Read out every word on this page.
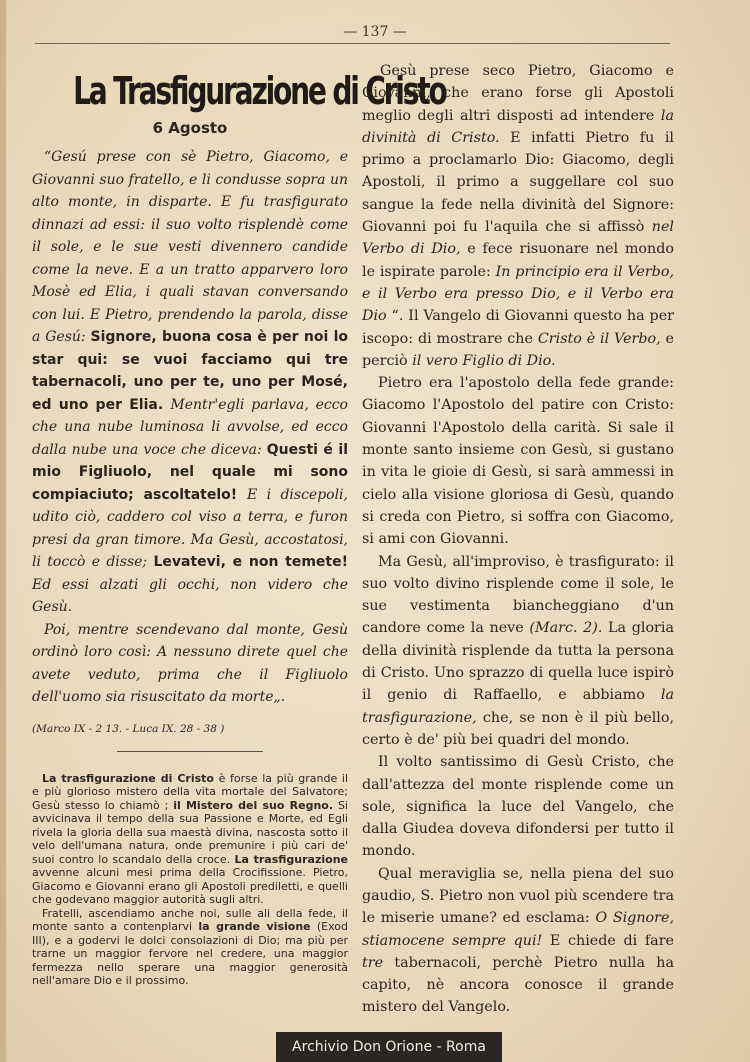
— 137 —
La Trasfigurazione di Cristo
6 Agosto

“Gesú prese con sè Pietro, Giacomo, e Giovanni suo fratello, e li condusse sopra un alto monte, in disparte. E fu trasfigurato dinnazi ad essi: il suo volto risplendè come il sole, e le sue vesti divennero candide come la neve. E a un tratto apparvero loro Mosè ed Elia, i quali stavan conversando con lui. E Pietro, prendendo la parola, disse a Gesú: Signore, buona cosa è per noi lo star qui: se vuoi facciamo qui tre tabernacoli, uno per te, uno per Mosé, ed uno per Elia. Mentr'egli parlava, ecco che una nube luminosa li avvolse, ed ecco dalla nube una voce che diceva: Questi é il mio Figliuolo, nel quale mi sono compiaciuto; ascoltatelo! E i discepoli, udito ciò, caddero col viso a terra, e furon presi da gran timore. Ma Gesù, accostatosi, li toccò e disse; Levatevi, e non temete! Ed essi alzati gli occhi, non videro che Gesù.

Poi, mentre scendevano dal monte, Gesù ordinò loro così: A nessuno direte quel che avete veduto, prima che il Figliuolo dell'uomo sia risuscitato da morte„.

(Marco IX - 2 13. - Luca IX. 28 - 38 )

La trasfigurazione di Cristo è forse la più grande il e più glorioso mistero della vita mortale del Salvatore; Gesù stesso lo chiamò ; il Mistero del suo Regno. Si avvicinava il tempo della sua Passione e Morte, ed Egli rivela la gloria della sua maestà divina, nascosta sotto il velo dell'umana natura, onde premunire i più cari de' suoi contro lo scandalo della croce. La trasfigurazione avvenne alcuni mesi prima della Crocifissione. Pietro, Giacomo e Giovanni erano gli Apostoli prediletti, e quelli che godevano maggior autorità sugli altri.

Fratelli, ascendiamo anche noi, sulle ali della fede, il monte santo a contenplarvi la grande visione (Exod III), e a godervi le dolci consolazioni di Dio; ma più per trarne un maggior fervore nel credere, una maggior fermezza nello sperare una maggior generosità nell'amare Dio e il prossimo.

Gesù prese seco Pietro, Giacomo e Giovanni, che erano forse gli Apostoli meglio degli altri disposti ad intendere la divinità di Cristo. E infatti Pietro fu il primo a proclamarlo Dio: Giacomo, degli Apostoli, il primo a suggellare col suo sangue la fede nella divinità del Signore: Giovanni poi fu l'aquila che si affissò nel Verbo di Dio, e fece risuonare nel mondo le ispirate parole: In principio era il Verbo, e il Verbo era presso Dio, e il Verbo era Dio “. Il Vangelo di Giovanni questo ha per iscopo: di mostrare che Cristo è il Verbo, e perciò il vero Figlio di Dio.

Pietro era l'apostolo della fede grande: Giacomo l'Apostolo del patire con Cristo: Giovanni l'Apostolo della carità. Si sale il monte santo insieme con Gesù, si gustano in vita le gioie di Gesù, si sarà ammessi in cielo alla visione gloriosa di Gesù, quando si creda con Pietro, si soffra con Giacomo, si ami con Giovanni.

Ma Gesù, all'improviso, è trasfigurato: il suo volto divino risplende come il sole, le sue vestimenta biancheggiano d'un candore come la neve (Marc. 2). La gloria della divinità risplende da tutta la persona di Cristo. Uno sprazzo di quella luce ispirò il genio di Raffaello, e abbiamo la trasfigurazione, che, se non è il più bello, certo è de' più bei quadri del mondo.

Il volto santissimo di Gesù Cristo, che dall'attezza del monte risplende come un sole, significa la luce del Vangelo, che dalla Giudea doveva difondersi per tutto il mondo.

Qual meraviglia se, nella piena del suo gaudio, S. Pietro non vuol più scendere tra le miserie umane? ed esclama: O Signore, stiamocene sempre qui! E chiede di fare tre tabernacoli, perchè Pietro nulla ha capito, nè ancora conosce il grande mistero del Vangelo.

Archivio Don Orione - Roma
